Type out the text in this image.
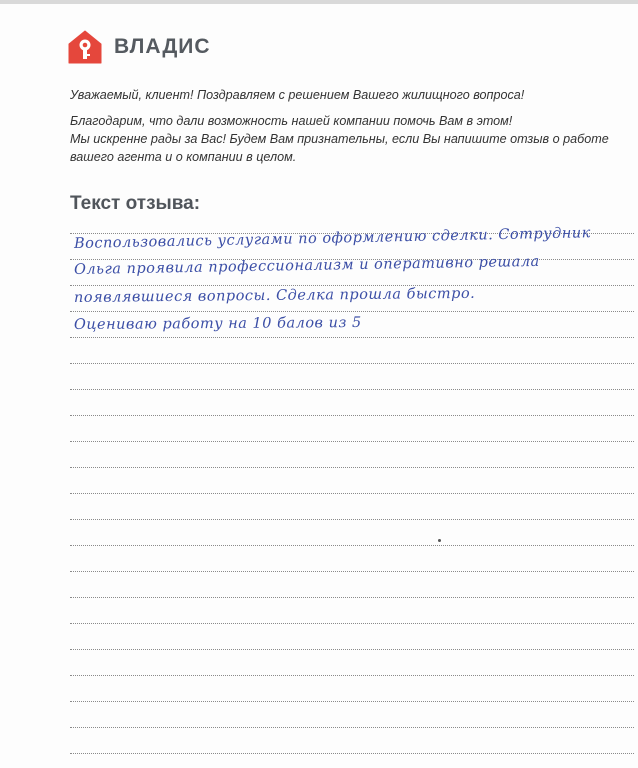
ВЛАДИС

Уважаемый, клиент! Поздравляем с решением Вашего жилищного вопроса!

Благодарим, что дали возможность нашей компании помочь Вам в этом!

Мы искренне рады за Вас! Будем Вам признательны, если Вы напишите отзыв о работе

вашего агента и о компании в целом.

Текст отзыва:
Воспользовались услугами по оформлению сделки. Сотрудник
Ольга проявила профессионализм и оперативно решала
появлявшиеся вопросы. Сделка прошла быстро.
Оцениваю работу на 10 балов из 5
